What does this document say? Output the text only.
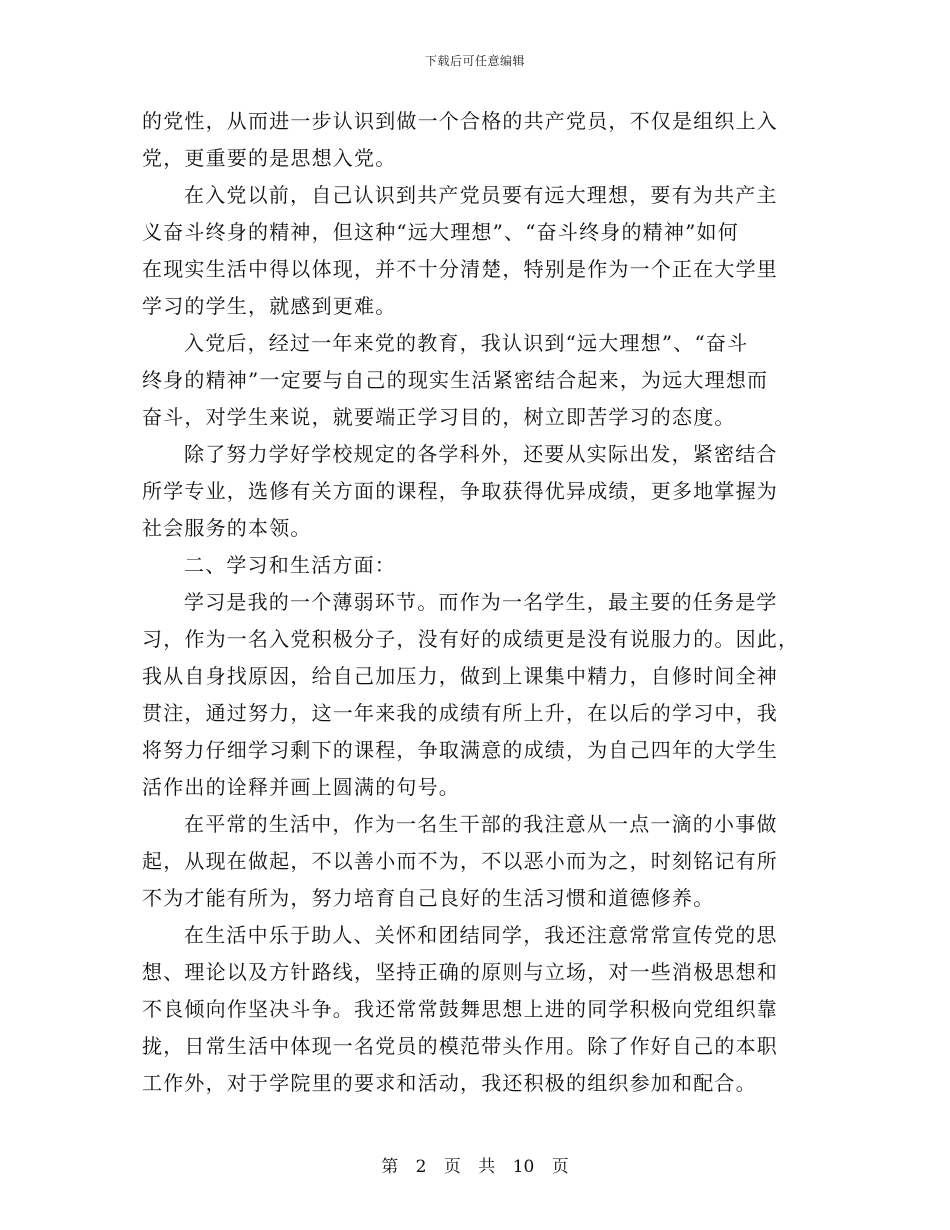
下载后可任意编辑
的党性，从而进一步认识到做一个合格的共产党员，不仅是组织上入
党，更重要的是思想入党。
在入党以前，自己认识到共产党员要有远大理想，要有为共产主
义奋斗终身的精神，但这种“远大理想”、“奋斗终身的精神”如何
在现实生活中得以体现，并不十分清楚，特别是作为一个正在大学里
学习的学生，就感到更难。
入党后，经过一年来党的教育，我认识到“远大理想”、“奋斗
终身的精神”一定要与自己的现实生活紧密结合起来，为远大理想而
奋斗，对学生来说，就要端正学习目的，树立即苦学习的态度。
除了努力学好学校规定的各学科外，还要从实际出发，紧密结合
所学专业，选修有关方面的课程，争取获得优异成绩，更多地掌握为
社会服务的本领。
二、学习和生活方面：
学习是我的一个薄弱环节。而作为一名学生，最主要的任务是学
习，作为一名入党积极分子，没有好的成绩更是没有说服力的。因此，
我从自身找原因，给自己加压力，做到上课集中精力，自修时间全神
贯注，通过努力，这一年来我的成绩有所上升，在以后的学习中，我
将努力仔细学习剩下的课程，争取满意的成绩，为自己四年的大学生
活作出的诠释并画上圆满的句号。
在平常的生活中，作为一名生干部的我注意从一点一滴的小事做
起，从现在做起，不以善小而不为，不以恶小而为之，时刻铭记有所
不为才能有所为，努力培育自己良好的生活习惯和道德修养。
在生活中乐于助人、关怀和团结同学，我还注意常常宣传党的思
想、理论以及方针路线，坚持正确的原则与立场，对一些消极思想和
不良倾向作坚决斗争。我还常常鼓舞思想上进的同学积极向党组织靠
拢，日常生活中体现一名党员的模范带头作用。除了作好自己的本职
工作外，对于学院里的要求和活动，我还积极的组织参加和配合。
第 2 页 共 10 页
